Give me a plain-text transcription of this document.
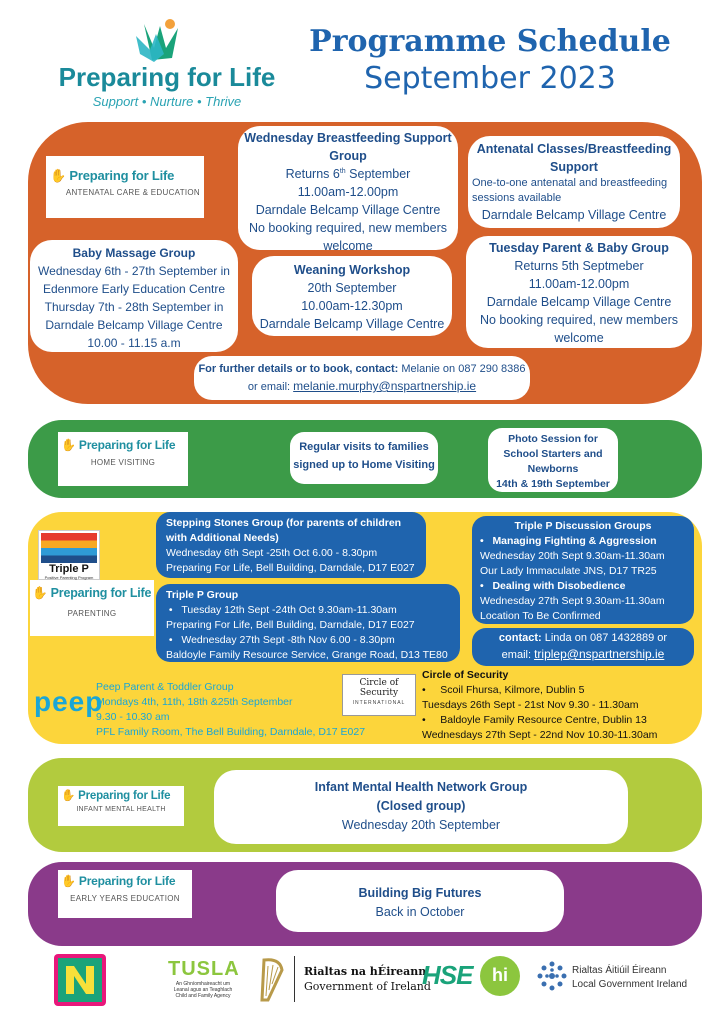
Preparing for Life
Support • Nurture • Thrive
Programme Schedule
September 2023
✋ Preparing for Life
ANTENATAL CARE & EDUCATION
Wednesday Breastfeeding Support Group
Returns 6th September
11.00am-12.00pm
Darndale Belcamp Village Centre
No booking required, new members welcome
Antenatal Classes/Breastfeeding Support
One-to-one antenatal and breastfeeding sessions available
Darndale Belcamp Village Centre
Baby Massage Group
Wednesday 6th - 27th September in
Edenmore Early Education Centre
Thursday 7th - 28th September in
Darndale Belcamp Village Centre
10.00 - 11.15 a.m
Weaning Workshop
20th September
10.00am-12.30pm
Darndale Belcamp Village Centre
Tuesday Parent & Baby Group
Returns 5th Septmeber
11.00am-12.00pm
Darndale Belcamp Village Centre
No booking required, new members welcome
For further details or to book, contact: Melanie on 087 290 8386
or email: melanie.murphy@nspartnership.ie
✋ Preparing for Life
HOME VISITING
Regular visits to families signed up to Home Visiting
Photo Session for School Starters and Newborns
14th & 19th September
Triple P
Positive Parenting Program
✋ Preparing for Life
PARENTING
Stepping Stones Group (for parents of children with Additional Needs)
Wednesday 6th Sept -25th Oct 6.00 - 8.30pm
Preparing For Life, Bell Building, Darndale, D17 E027
Triple P Group
•   Tuesday 12th Sept -24th Oct 9.30am-11.30am
Preparing For Life, Bell Building, Darndale, D17 E027
•   Wednesday 27th Sept -8th Nov 6.00 - 8.30pm
Baldoyle Family Resource Service, Grange Road, D13 TE80
Triple P Discussion Groups
•   Managing Fighting & Aggression
Wednesday 20th Sept 9.30am-11.30am
Our Lady Immaculate JNS, D17 TR25
•   Dealing with Disobedience
Wednesday 27th Sept 9.30am-11.30am
Location To Be Confirmed
contact: Linda on 087 1432889 or
email: triplep@nspartnership.ie
peep
Peep Parent & Toddler Group
Mondays 4th, 11th, 18th &25th September
9.30 - 10.30 am
PFL Family Room, The Bell Building, Darndale, D17 E027
Circle of Security
INTERNATIONAL
Circle of Security
•     Scoil Fhursa, Kilmore, Dublin 5
Tuesdays 26th Sept - 21st Nov 9.30 - 11.30am
•     Baldoyle Family Resource Centre, Dublin 13
Wednesdays 27th Sept - 22nd Nov 10.30-11.30am
✋ Preparing for Life
INFANT MENTAL HEALTH
Infant Mental Health Network Group
(Closed group)
Wednesday 20th September
✋ Preparing for Life
EARLY YEARS EDUCATION	Building Big Futures
Back in October
TUSLA
An Ghníomhaireacht um
Leanaí agus an Teaghlach
Child and Family Agency
Rialtas na hÉireann
Government of Ireland
HSE	hi	Rialtas Áitiúil Éireann
Local Government Ireland
